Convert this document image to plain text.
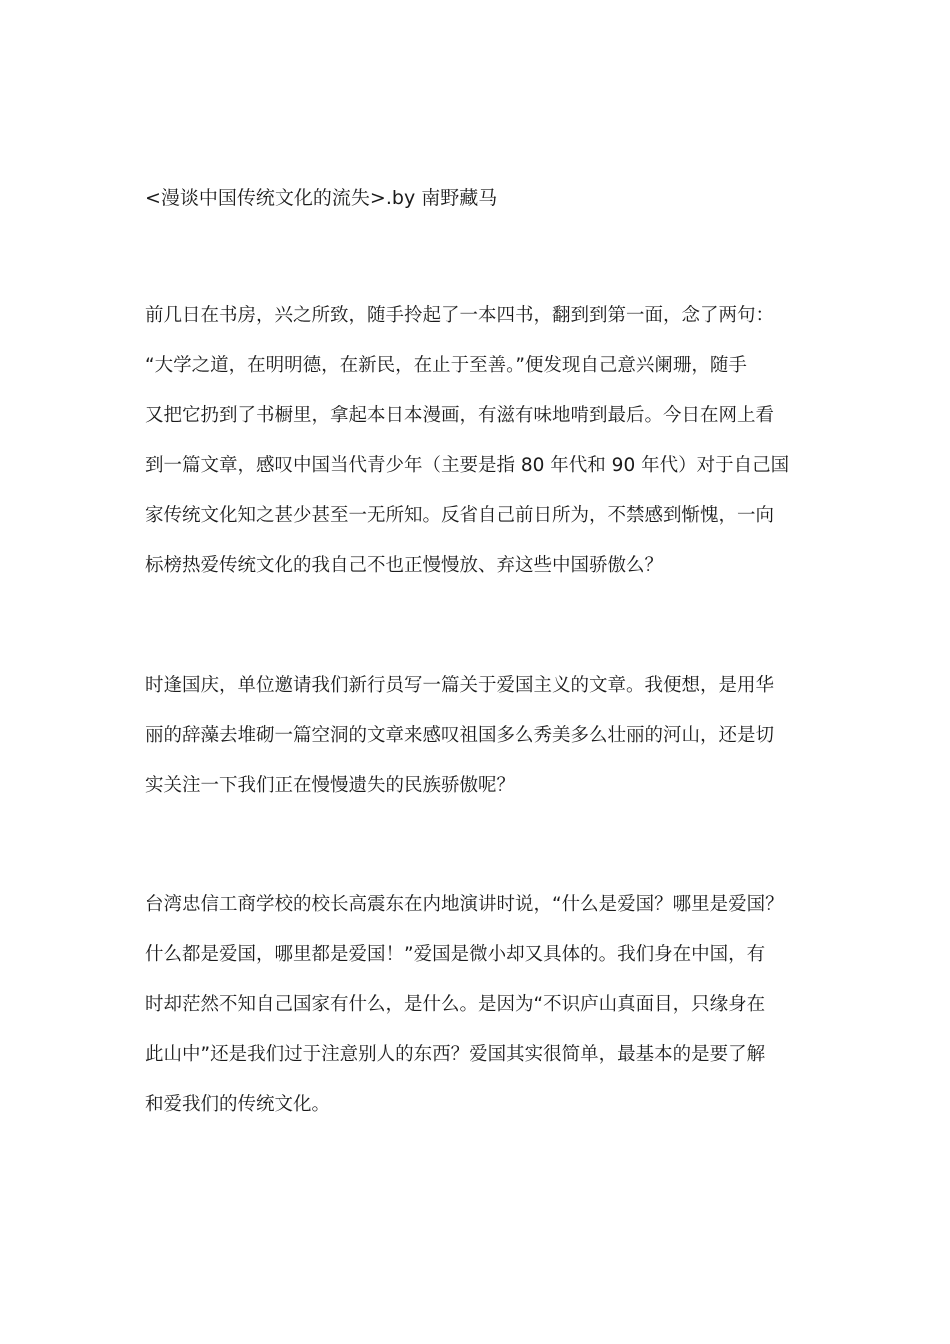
<漫谈中国传统文化的流失>.by 南野藏马
前几日在书房，兴之所致，随手拎起了一本四书，翻到到第一面，念了两句：
“大学之道，在明明德，在新民，在止于至善。”便发现自己意兴阑珊，随手
又把它扔到了书橱里，拿起本日本漫画，有滋有味地啃到最后。今日在网上看
到一篇文章，感叹中国当代青少年（主要是指 80 年代和 90 年代）对于自己国
家传统文化知之甚少甚至一无所知。反省自己前日所为，不禁感到惭愧，一向
标榜热爱传统文化的我自己不也正慢慢放、弃这些中国骄傲么？
时逢国庆，单位邀请我们新行员写一篇关于爱国主义的文章。我便想，是用华
丽的辞藻去堆砌一篇空洞的文章来感叹祖国多么秀美多么壮丽的河山，还是切
实关注一下我们正在慢慢遗失的民族骄傲呢？
台湾忠信工商学校的校长高震东在内地演讲时说，“什么是爱国？哪里是爱国？
什么都是爱国，哪里都是爱国！”爱国是微小却又具体的。我们身在中国，有
时却茫然不知自己国家有什么，是什么。是因为“不识庐山真面目，只缘身在
此山中”还是我们过于注意别人的东西？爱国其实很简单，最基本的是要了解
和爱我们的传统文化。
